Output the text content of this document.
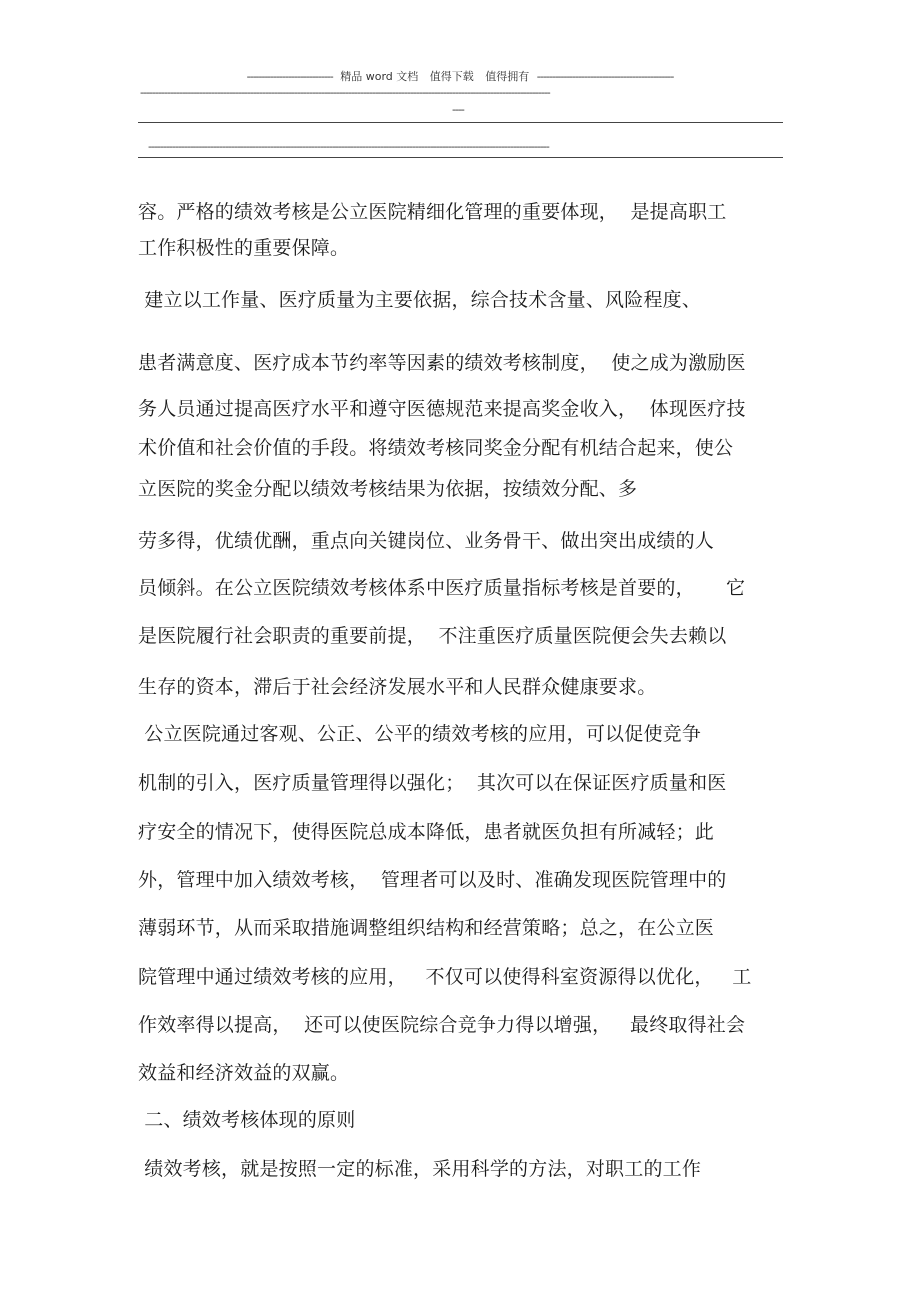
----------------------------- 精品 word 文档 值得下载 值得拥有 ----------------------------------------------
------------------------------------------------------------------------------------------------------------------------------------------
----
---------------------------------------------------------------------------------------------------------------------------------------
容。严格的绩效考核是公立医院精细化管理的重要体现，  是提高职工
工作积极性的重要保障。
建立以工作量、医疗质量为主要依据，综合技术含量、风险程度、
患者满意度、医疗成本节约率等因素的绩效考核制度，  使之成为激励医
务人员通过提高医疗水平和遵守医德规范来提高奖金收入，  体现医疗技
术价值和社会价值的手段。将绩效考核同奖金分配有机结合起来，使公
立医院的奖金分配以绩效考核结果为依据，按绩效分配、多
劳多得，优绩优酬，重点向关键岗位、业务骨干、做出突出成绩的人
员倾斜。在公立医院绩效考核体系中医疗质量指标考核是首要的，     它
是医院履行社会职责的重要前提，  不注重医疗质量医院便会失去赖以
生存的资本，滞后于社会经济发展水平和人民群众健康要求。
公立医院通过客观、公正、公平的绩效考核的应用，可以促使竞争
机制的引入，医疗质量管理得以强化；  其次可以在保证医疗质量和医
疗安全的情况下，使得医院总成本降低，患者就医负担有所减轻；此
外，管理中加入绩效考核，  管理者可以及时、准确发现医院管理中的
薄弱环节，从而采取措施调整组织结构和经营策略；总之，在公立医
院管理中通过绩效考核的应用，   不仅可以使得科室资源得以优化，   工
作效率得以提高，  还可以使医院综合竞争力得以增强，   最终取得社会
效益和经济效益的双赢。
二、绩效考核体现的原则
绩效考核，就是按照一定的标准，采用科学的方法，对职工的工作
